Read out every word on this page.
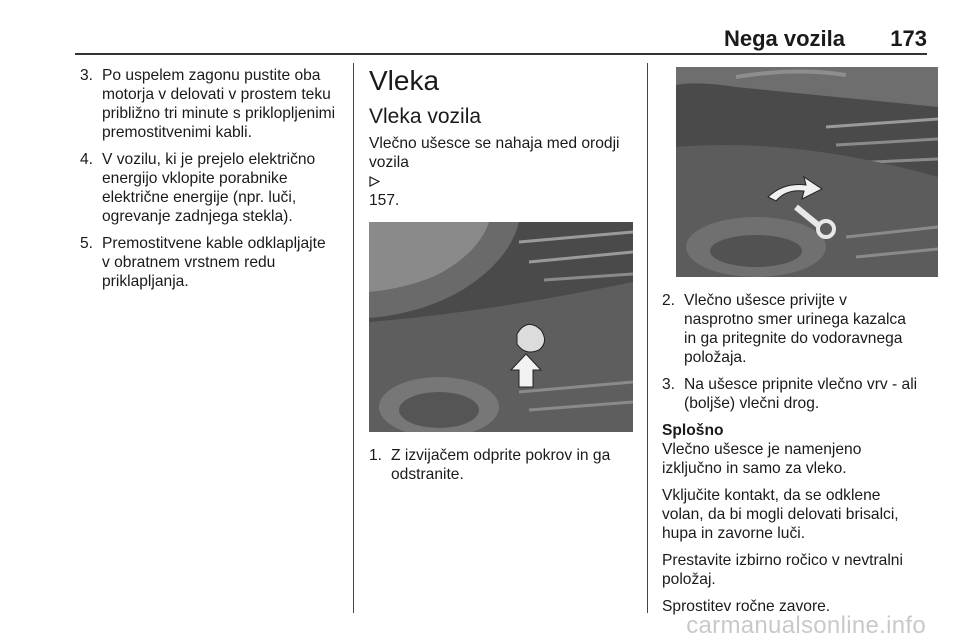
Nega vozila 173
3. Po uspelem zagonu pustite oba
motorja v delovati v prostem teku
približno tri minute s priklopljenimi
premostitvenimi kabli.
4. V vozilu, ki je prejelo električno
energijo vklopite porabnike
električne energije (npr. luči,
ogrevanje zadnjega stekla).
5. Premostitvene kable odklapljajte
v obratnem vrstnem redu
priklapljanja.
Vleka
Vleka vozila

Vlečno ušesce se nahaja med orodji
vozila

157.

1. Z izvijačem odprite pokrov in ga
odstranite.
2. Vlečno ušesce privijte v
nasprotno smer urinega kazalca
in ga pritegnite do vodoravnega
položaja.
3. Na ušesce pripnite vlečno vrv - ali
(boljše) vlečni drog.
Splošno

Vlečno ušesce je namenjeno
izključno in samo za vleko.

Vključite kontakt, da se odklene
volan, da bi mogli delovati brisalci,
hupa in zavorne luči.

Prestavite izbirno ročico v nevtralni
položaj.

Sprostitev ročne zavore.

carmanualsonline.info
